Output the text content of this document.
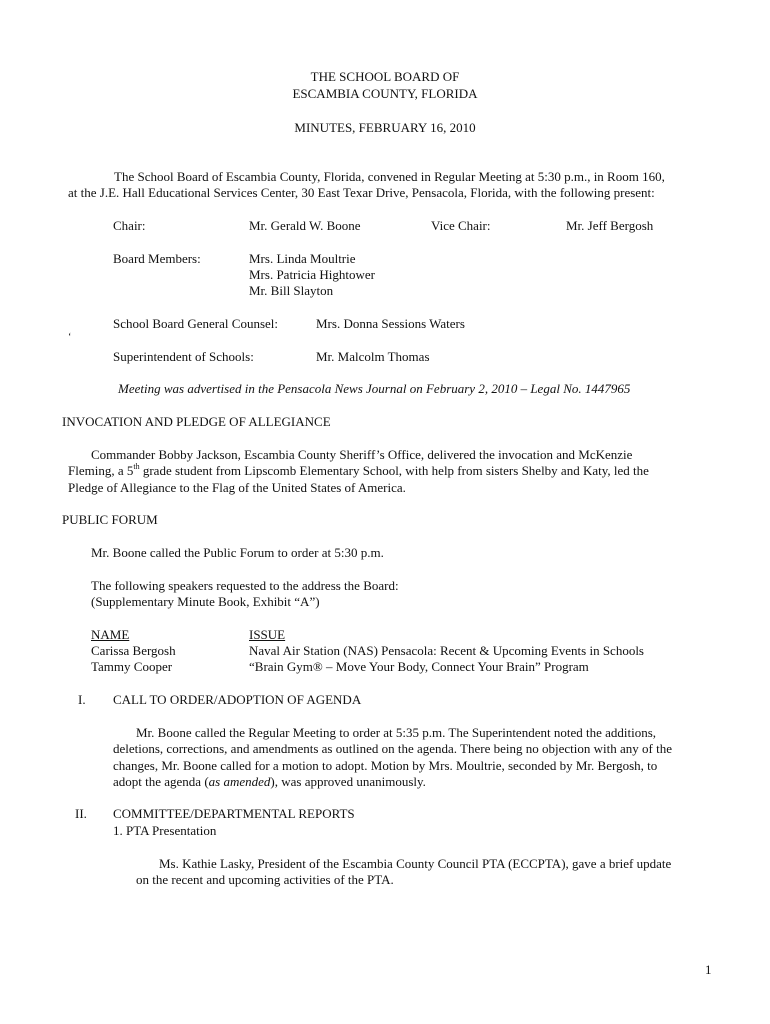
THE SCHOOL BOARD OF
ESCAMBIA COUNTY, FLORIDA
MINUTES, FEBRUARY 16, 2010
The School Board of Escambia County, Florida, convened in Regular Meeting at 5:30 p.m., in Room 160,
at the J.E. Hall Educational Services Center, 30 East Texar Drive, Pensacola, Florida, with the following present:
Chair:	Mr. Gerald W. Boone	Vice Chair:	Mr. Jeff Bergosh
Board Members:	Mrs. Linda Moultrie
Mrs. Patricia Hightower
Mr. Bill Slayton
School Board General Counsel:	Mrs. Donna Sessions Waters
‘
Superintendent of Schools:	Mr. Malcolm Thomas
Meeting was advertised in the Pensacola News Journal on February 2, 2010 – Legal No. 1447965
INVOCATION AND PLEDGE OF ALLEGIANCE
Commander Bobby Jackson, Escambia County Sheriff’s Office, delivered the invocation and McKenzie
Fleming, a 5th grade student from Lipscomb Elementary School, with help from sisters Shelby and Katy, led the
Pledge of Allegiance to the Flag of the United States of America.
PUBLIC FORUM
Mr. Boone called the Public Forum to order at 5:30 p.m.
The following speakers requested to the address the Board:
(Supplementary Minute Book, Exhibit “A”)
NAME	ISSUE
Carissa Bergosh	Naval Air Station (NAS) Pensacola: Recent & Upcoming Events in Schools
Tammy Cooper	“Brain Gym® – Move Your Body, Connect Your Brain” Program
I. CALL TO ORDER/ADOPTION OF AGENDA
Mr. Boone called the Regular Meeting to order at 5:35 p.m. The Superintendent noted the additions,
deletions, corrections, and amendments as outlined on the agenda. There being no objection with any of the
changes, Mr. Boone called for a motion to adopt. Motion by Mrs. Moultrie, seconded by Mr. Bergosh, to
adopt the agenda (as amended), was approved unanimously.
II. COMMITTEE/DEPARTMENTAL REPORTS
1. PTA Presentation
Ms. Kathie Lasky, President of the Escambia County Council PTA (ECCPTA), gave a brief update
on the recent and upcoming activities of the PTA.
1
